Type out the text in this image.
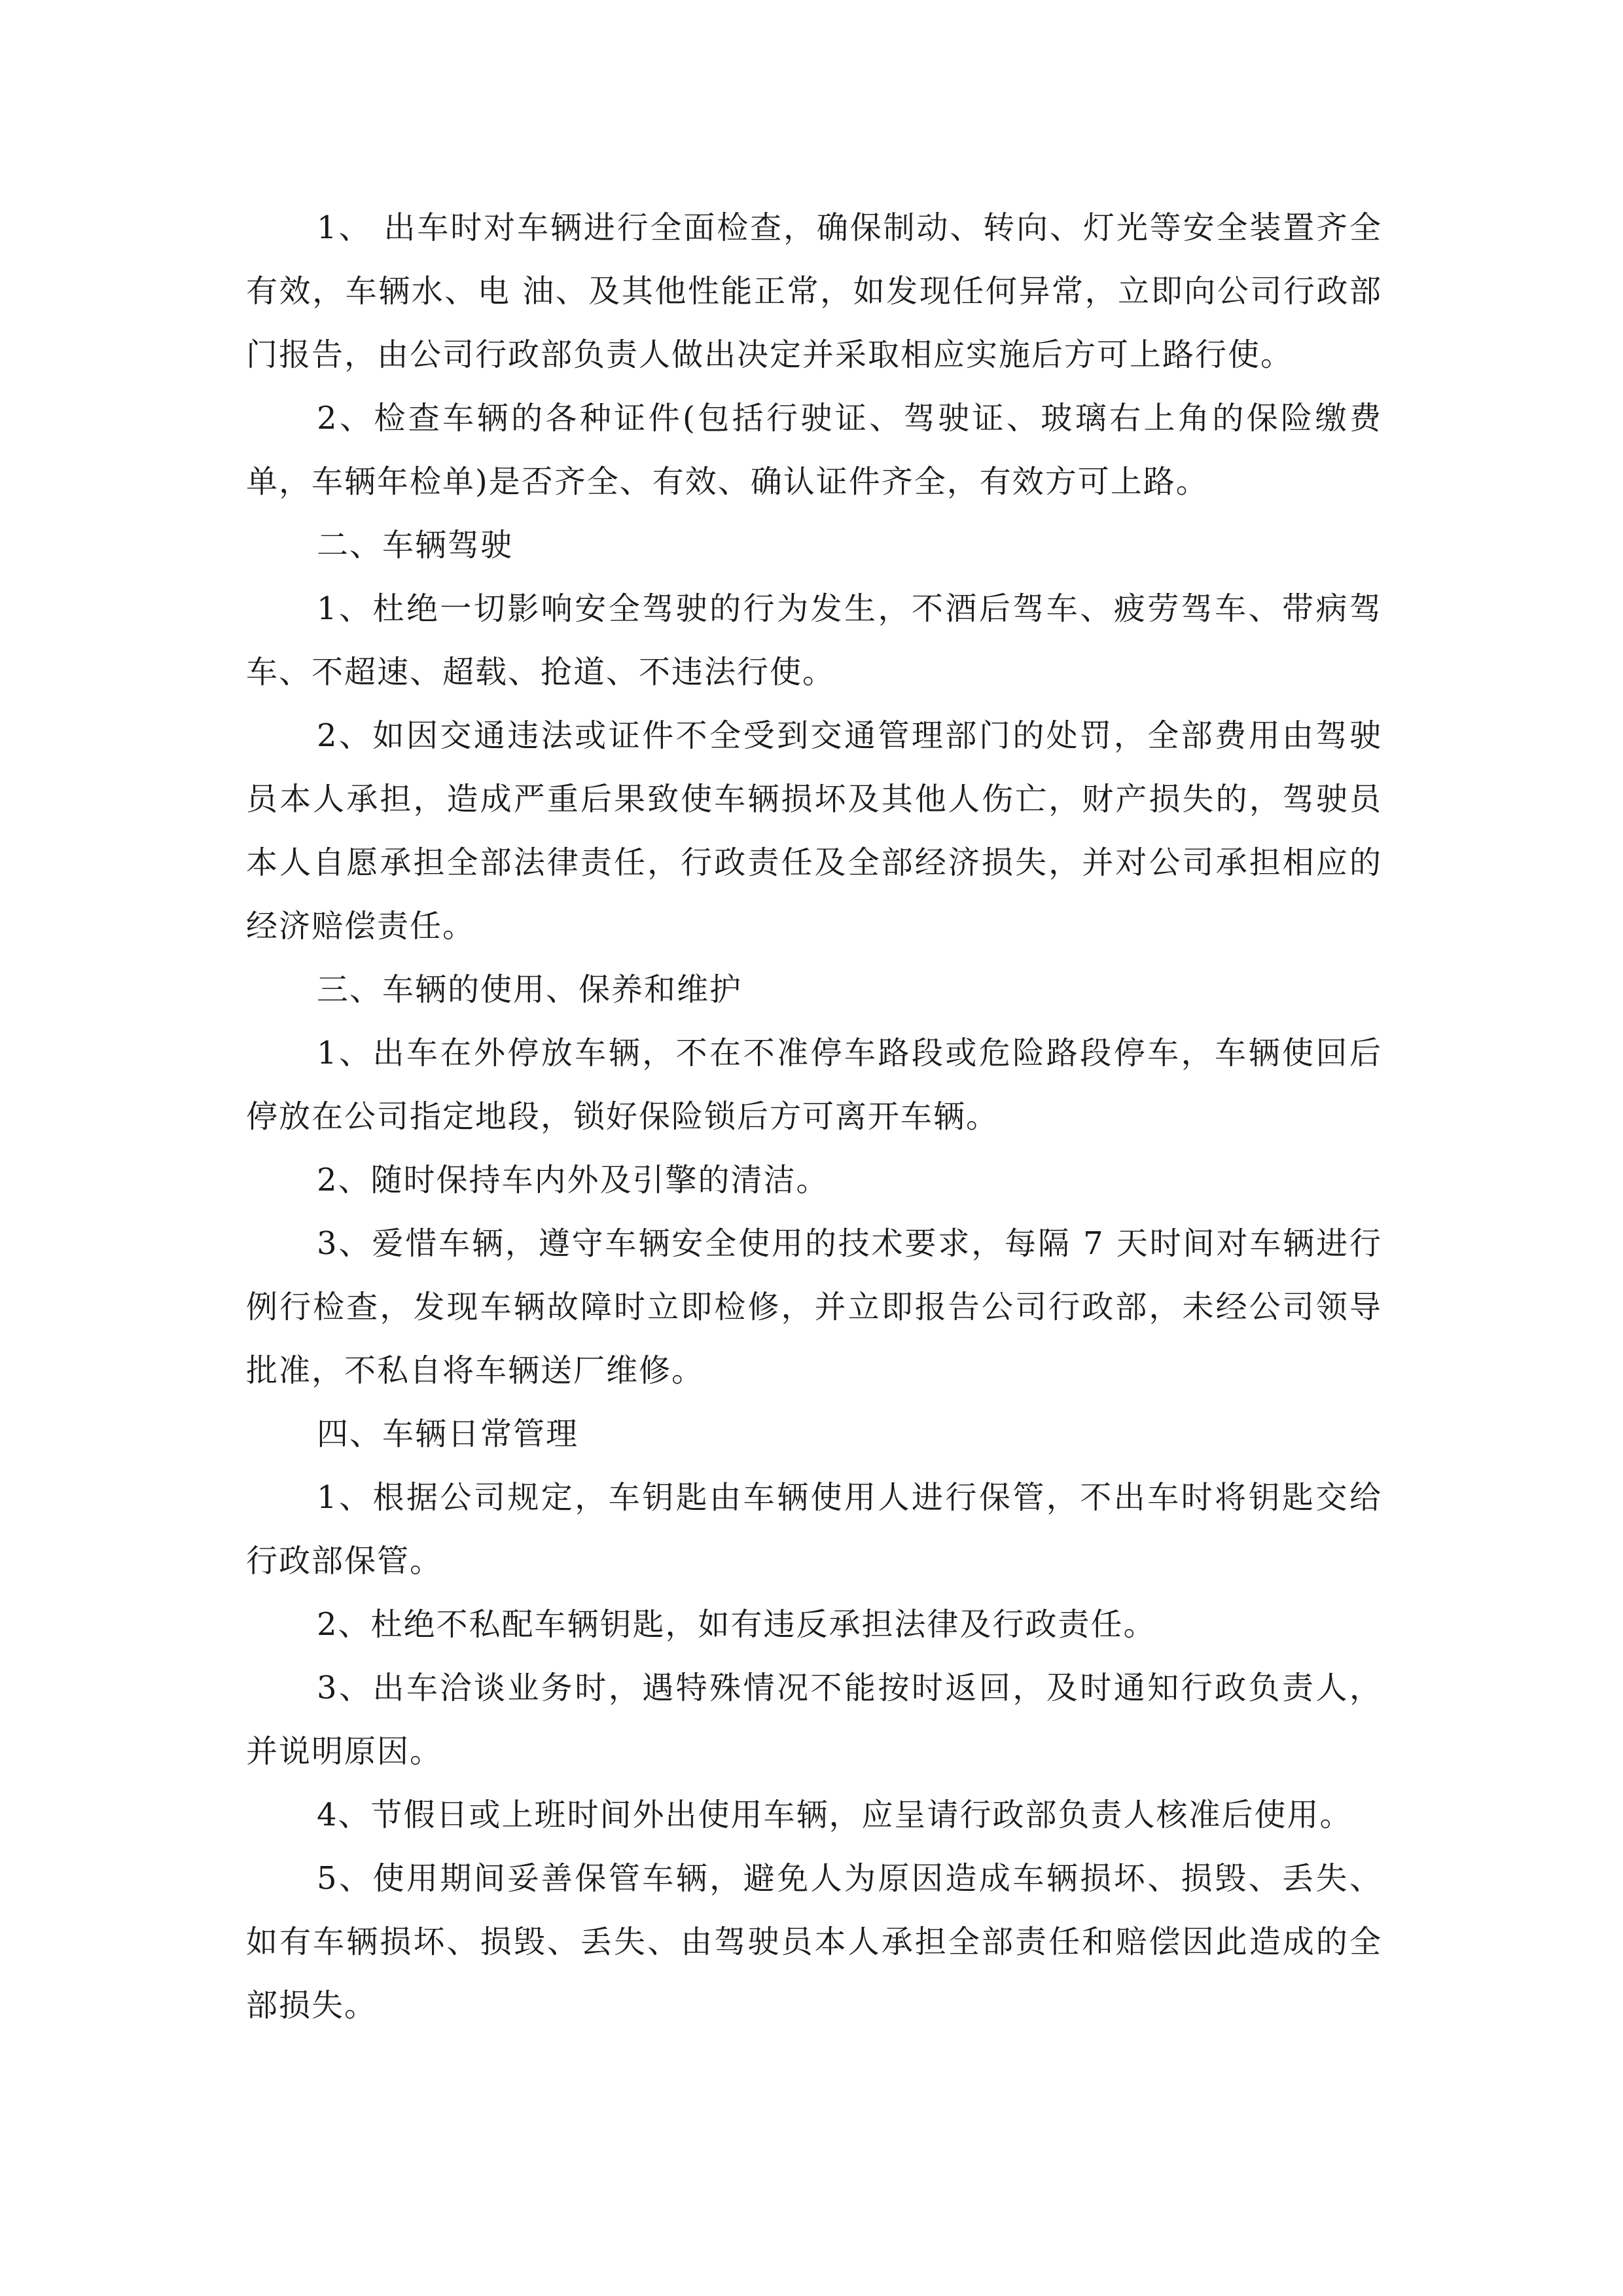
1、 出车时对车辆进行全面检查，确保制动、转向、灯光等安全装置齐全有效，车辆水、电 油、及其他性能正常，如发现任何异常，立即向公司行政部门报告，由公司行政部负责人做出决定并采取相应实施后方可上路行使。

2、检查车辆的各种证件(包括行驶证、驾驶证、玻璃右上角的保险缴费单，车辆年检单)是否齐全、有效、确认证件齐全，有效方可上路。

二、车辆驾驶

1、杜绝一切影响安全驾驶的行为发生，不酒后驾车、疲劳驾车、带病驾车、不超速、超载、抢道、不违法行使。

2、如因交通违法或证件不全受到交通管理部门的处罚，全部费用由驾驶员本人承担，造成严重后果致使车辆损坏及其他人伤亡，财产损失的，驾驶员本人自愿承担全部法律责任，行政责任及全部经济损失，并对公司承担相应的经济赔偿责任。

三、车辆的使用、保养和维护

1、出车在外停放车辆，不在不准停车路段或危险路段停车，车辆使回后停放在公司指定地段，锁好保险锁后方可离开车辆。

2、随时保持车内外及引擎的清洁。

3、爱惜车辆，遵守车辆安全使用的技术要求，每隔 7 天时间对车辆进行例行检查，发现车辆故障时立即检修，并立即报告公司行政部，未经公司领导批准，不私自将车辆送厂维修。

四、车辆日常管理

1、根据公司规定，车钥匙由车辆使用人进行保管，不出车时将钥匙交给行政部保管。

2、杜绝不私配车辆钥匙，如有违反承担法律及行政责任。

3、出车洽谈业务时，遇特殊情况不能按时返回，及时通知行政负责人，并说明原因。

4、节假日或上班时间外出使用车辆，应呈请行政部负责人核准后使用。

5、使用期间妥善保管车辆，避免人为原因造成车辆损坏、损毁、丢失、如有车辆损坏、损毁、丢失、由驾驶员本人承担全部责任和赔偿因此造成的全部损失。
